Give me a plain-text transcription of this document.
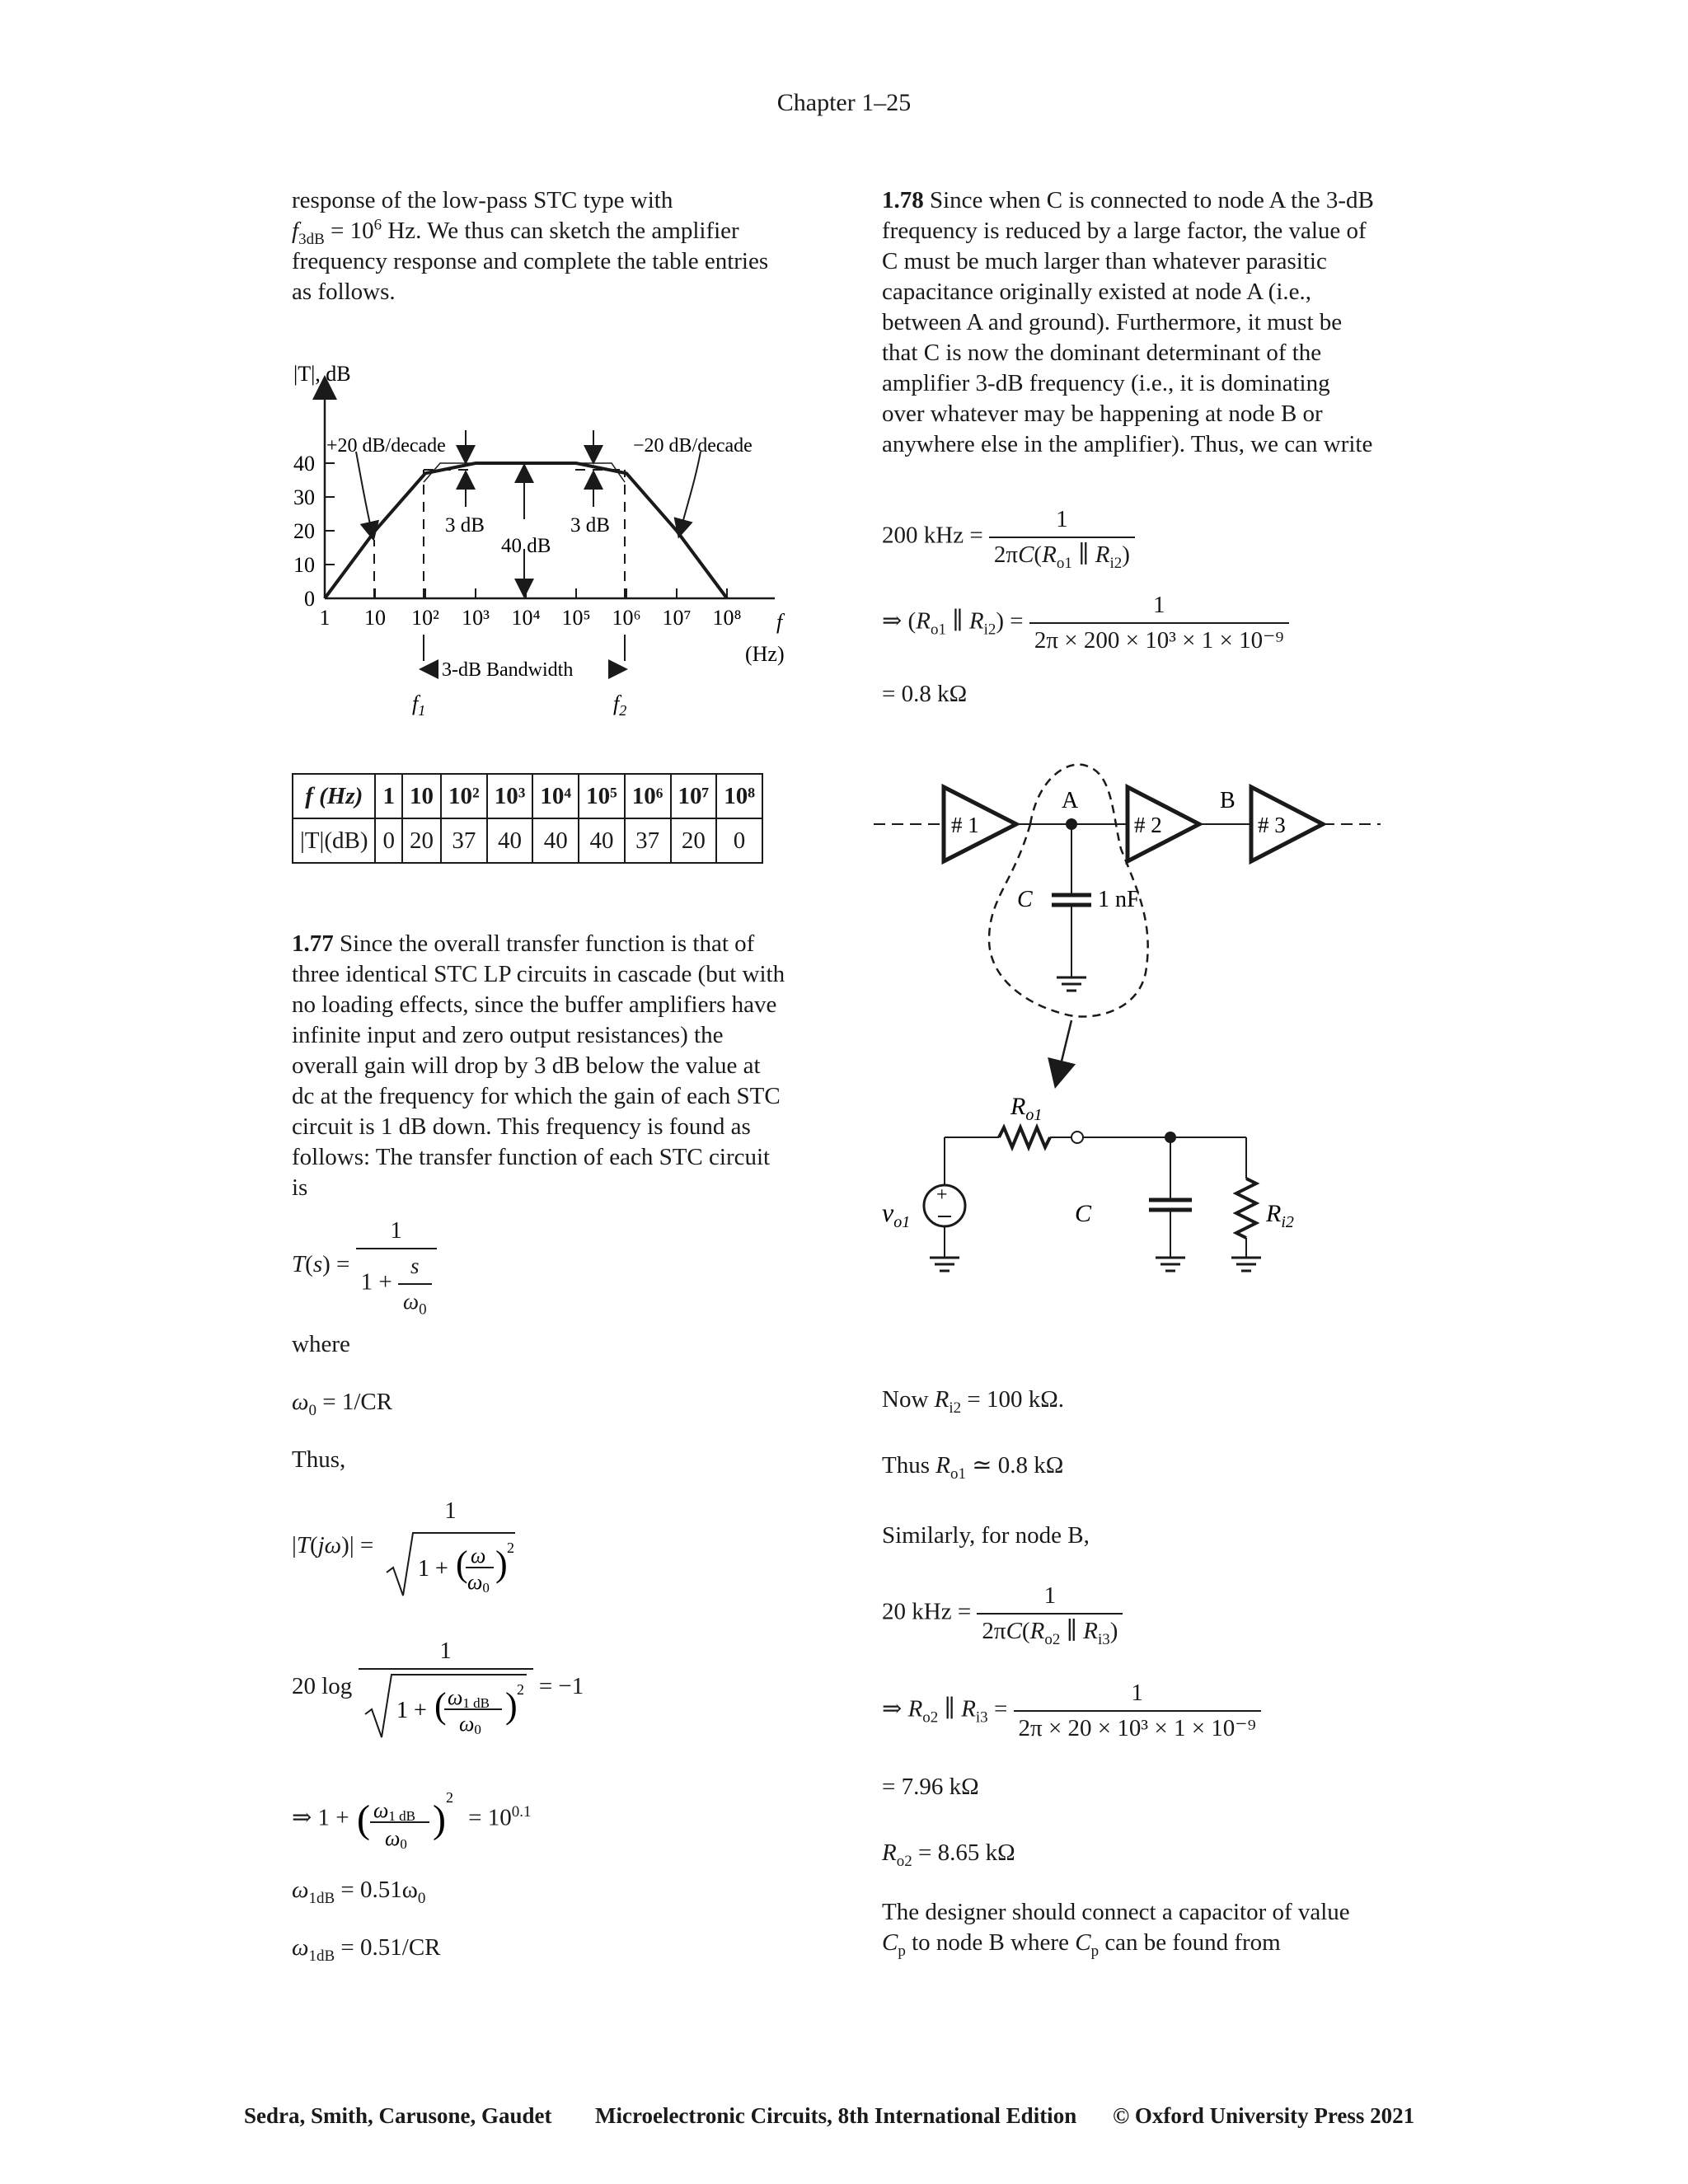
Chapter 1–25
response of the low-pass STC type with
$f_{3dB} = 10^6$ Hz. We thus can sketch the amplifier
frequency response and complete the table entries
as follows.
|T|, dB
0
10
20
30
40
1 10 10² 10³ 10⁴ 10⁵ 10⁶ 10⁷ 10⁸
+20 dB/decade	−20 dB/decade
3 dB	3 dB
40 dB
3-dB Bandwidth
$f_1$	$f_2$
f
(Hz)
f (Hz)	1	10	10²	10³	10⁴	10⁵	10⁶	10⁷	10⁸
|T|(dB)	0	20	37	40	40	40	37	20	0
1.77 Since the overall transfer function is that of three identical STC LP circuits in cascade (but with no loading effects, since the buffer amplifiers have infinite input and zero output resistances) the overall gain will drop by 3 dB below the value at dc at the frequency for which the gain of each STC circuit is 1 dB down. This frequency is found as follows: The transfer function of each STC circuit is
$T(s) = \frac{1}{1 + \frac{s}{\omega_0}}$
where
$\omega_0 = 1/CR$
Thus,
|T(jω)| =
1
1 + ( ω
ω0
) 2
20 log 1
1 + ( ω1 dB
ω0
) 2 = −1
⇒ 1 + ( ω1 dB
ω0
) 2
= $10^{0.1}$
$\omega_{1dB} = 0.51\omega_0$
$\omega_{1dB} = 0.51/CR$
1.78 Since when C is connected to node A the 3-dB frequency is reduced by a large factor, the value of C must be much larger than whatever parasitic capacitance originally existed at node A (i.e., between A and ground). Furthermore, it must be that C is now the dominant determinant of the amplifier 3-dB frequency (i.e., it is dominating over whatever may be happening at node B or anywhere else in the amplifier). Thus, we can write
200 kHz = $\frac{1}{2\pi C(R_{o1} \parallel R_{i2})}$
⇒ ($R_{o1}$ ∥ $R_{i2}) = \frac{1}{\text{2π × 200 × 10³ × 1 × 10⁻⁹}}$
= 0.8 kΩ
# 1	# 2	# 3
A	B
C	1 nF
+
$R_{o1}$
$v_{o1}$	C	$R_{i2}$
Now $R_{i2} = 100$ kΩ.
Thus $R_{o1}$ ≃ 0.8 kΩ
Similarly, for node B,
20 kHz = $\frac{1}{2\pi C(R_{o2} \parallel R_{i3})}$
⇒ $R_{o2}$ ∥ $R_{i3} = \frac{1}{\text{2π × 20 × 10³ × 1 × 10⁻⁹}}$
= 7.96 kΩ
$R_{o2} = 8.65$ kΩ
The designer should connect a capacitor of value
$C_p$ to node B where $C_p$ can be found from
Sedra, Smith, Carusone, Gaudet Microelectronic Circuits, 8th International Edition © Oxford University Press 2021
